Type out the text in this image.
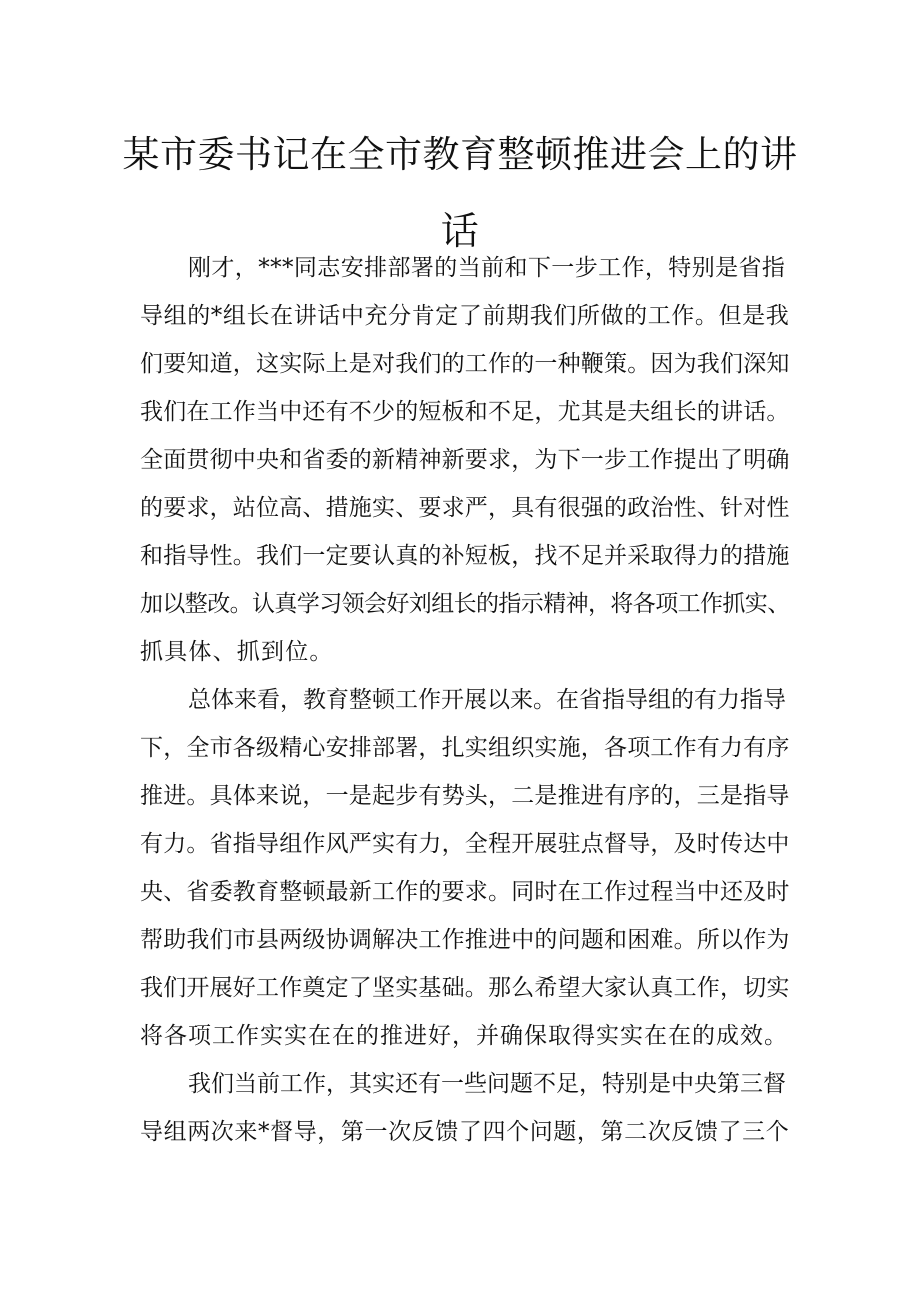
某市委书记在全市教育整顿推进会上的讲
话

刚才，***同志安排部署的当前和下一步工作，特别是省指

导组的*组长在讲话中充分肯定了前期我们所做的工作。但是我

们要知道，这实际上是对我们的工作的一种鞭策。因为我们深知

我们在工作当中还有不少的短板和不足，尤其是夫组长的讲话。

全面贯彻中央和省委的新精神新要求，为下一步工作提出了明确

的要求，站位高、措施实、要求严，具有很强的政治性、针对性

和指导性。我们一定要认真的补短板，找不足并采取得力的措施

加以整改。认真学习领会好刘组长的指示精神，将各项工作抓实、

抓具体、抓到位。

总体来看，教育整顿工作开展以来。在省指导组的有力指导

下，全市各级精心安排部署，扎实组织实施，各项工作有力有序

推进。具体来说，一是起步有势头，二是推进有序的，三是指导

有力。省指导组作风严实有力，全程开展驻点督导，及时传达中

央、省委教育整顿最新工作的要求。同时在工作过程当中还及时

帮助我们市县两级协调解决工作推进中的问题和困难。所以作为

我们开展好工作奠定了坚实基础。那么希望大家认真工作，切实

将各项工作实实在在的推进好，并确保取得实实在在的成效。

我们当前工作，其实还有一些问题不足，特别是中央第三督

导组两次来*督导，第一次反馈了四个问题，第二次反馈了三个
